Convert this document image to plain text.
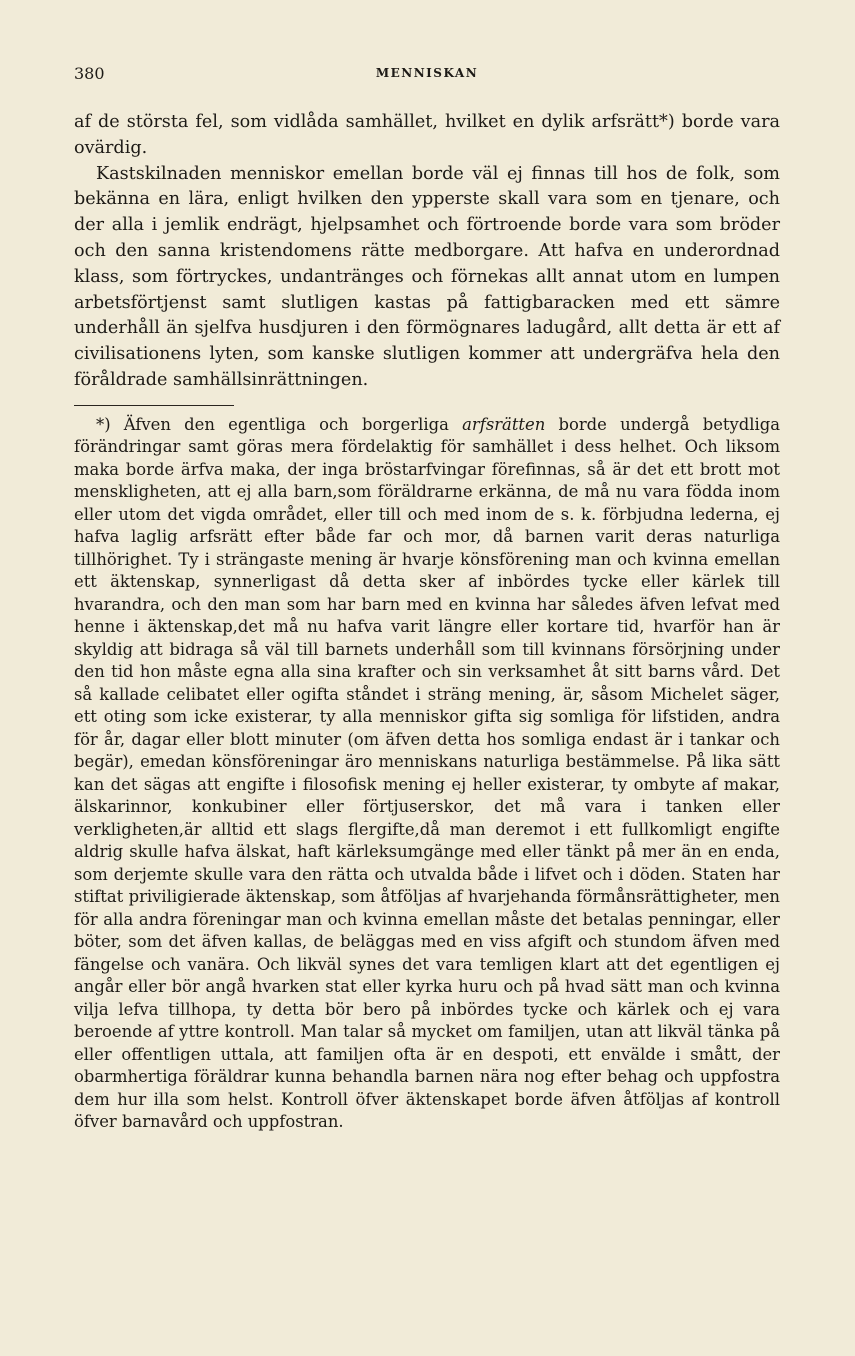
380	MENNISKAN

af de största fel, som vidlåda samhället, hvilket en dylik arfsrätt*) borde vara ovärdig.

Kastskilnaden menniskor emellan borde väl ej finnas till hos de folk, som bekänna en lära, enligt hvilken den ypperste skall vara som en tjenare, och der alla i jemlik endrägt, hjelpsamhet och förtroende borde vara som bröder och den sanna kristendomens rätte medborgare. Att hafva en underordnad klass, som förtryckes, undantränges och förnekas allt annat utom en lumpen arbetsförtjenst samt slutligen kastas på fattigbaracken med ett sämre underhåll än sjelfva husdjuren i den förmögnares ladugård, allt detta är ett af civilisationens lyten, som kanske slutligen kommer att undergräfva hela den föråldrade samhällsinrättningen.

*) Äfven den egentliga och borgerliga arfsrätten borde undergå betydliga förändringar samt göras mera fördelaktig för samhället i dess helhet. Och liksom maka borde ärfva maka, der inga bröstarfvingar förefinnas, så är det ett brott mot menskligheten, att ej alla barn,som föräldrarne erkänna, de må nu vara födda inom eller utom det vigda området, eller till och med inom de s. k. förbjudna lederna, ej hafva laglig arfsrätt efter både far och mor, då barnen varit deras naturliga tillhörighet. Ty i strängaste mening är hvarje könsförening man och kvinna emellan ett äktenskap, synnerligast då detta sker af inbördes tycke eller kärlek till hvarandra, och den man som har barn med en kvinna har således äfven lefvat med henne i äktenskap,det må nu hafva varit längre eller kortare tid, hvarför han är skyldig att bidraga så väl till barnets underhåll som till kvinnans försörjning under den tid hon måste egna alla sina krafter och sin verksamhet åt sitt barns vård. Det så kallade celibatet eller ogifta ståndet i sträng mening, är, såsom Michelet säger, ett oting som icke existerar, ty alla menniskor gifta sig somliga för lifstiden, andra för år, dagar eller blott minuter (om äfven detta hos somliga endast är i tankar och begär), emedan könsföreningar äro menniskans naturliga bestämmelse. På lika sätt kan det sägas att engifte i filosofisk mening ej heller existerar, ty ombyte af makar, älskarinnor, konkubiner eller förtjuserskor, det må vara i tanken eller verkligheten,är alltid ett slags flergifte,då man deremot i ett fullkomligt engifte aldrig skulle hafva älskat, haft kärleksumgänge med eller tänkt på mer än en enda, som derjemte skulle vara den rätta och utvalda både i lifvet och i döden. Staten har stiftat priviligierade äktenskap, som åtföljas af hvarjehanda förmånsrättigheter, men för alla andra föreningar man och kvinna emellan måste det betalas penningar, eller böter, som det äfven kallas, de beläggas med en viss afgift och stundom äfven med fängelse och vanära. Och likväl synes det vara temligen klart att det egentligen ej angår eller bör angå hvarken stat eller kyrka huru och på hvad sätt man och kvinna vilja lefva tillhopa, ty detta bör bero på inbördes tycke och kärlek och ej vara beroende af yttre kontroll. Man talar så mycket om familjen, utan att likväl tänka på eller offentligen uttala, att familjen ofta är en despoti, ett envälde i smått, der obarmhertiga föräldrar kunna behandla barnen nära nog efter behag och uppfostra dem hur illa som helst. Kontroll öfver äktenskapet borde äfven åtföljas af kontroll öfver barnavård och uppfostran.
